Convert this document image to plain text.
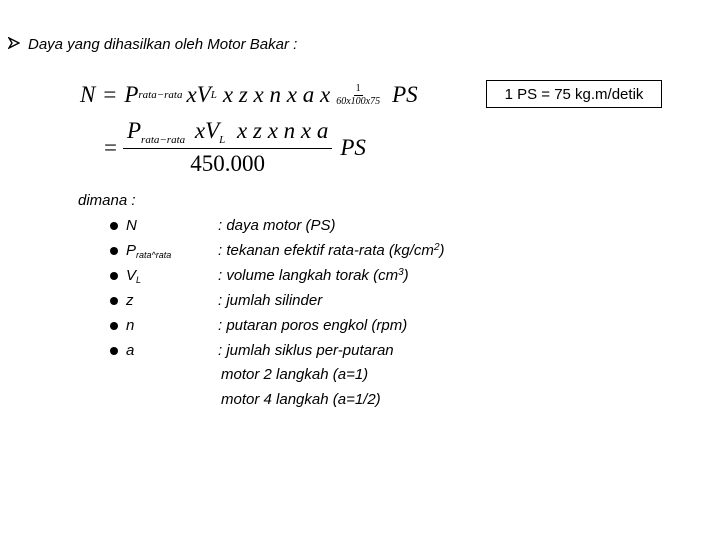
Daya yang dihasilkan oleh Motor Bakar :
N = P rata−rata xV L x z x n x a x $\frac{1}{60x100x75}$ PS	1 PS = 75 kg.m/detik
= $\frac{P_{rata-rata} xV_L x z x n x a}{450.000}$ PS
dimana :
N	: daya motor (PS)
$P_{rata\^{}rata}$	: tekanan efektif rata-rata $(kg/cm^2)$
$V_L$	: volume langkah torak $(cm^3)$
z	: jumlah silinder
n	: putaran poros engkol (rpm)
a	: jumlah siklus per-putaran
motor 2 langkah (a=1)
motor 4 langkah (a=1/2)
